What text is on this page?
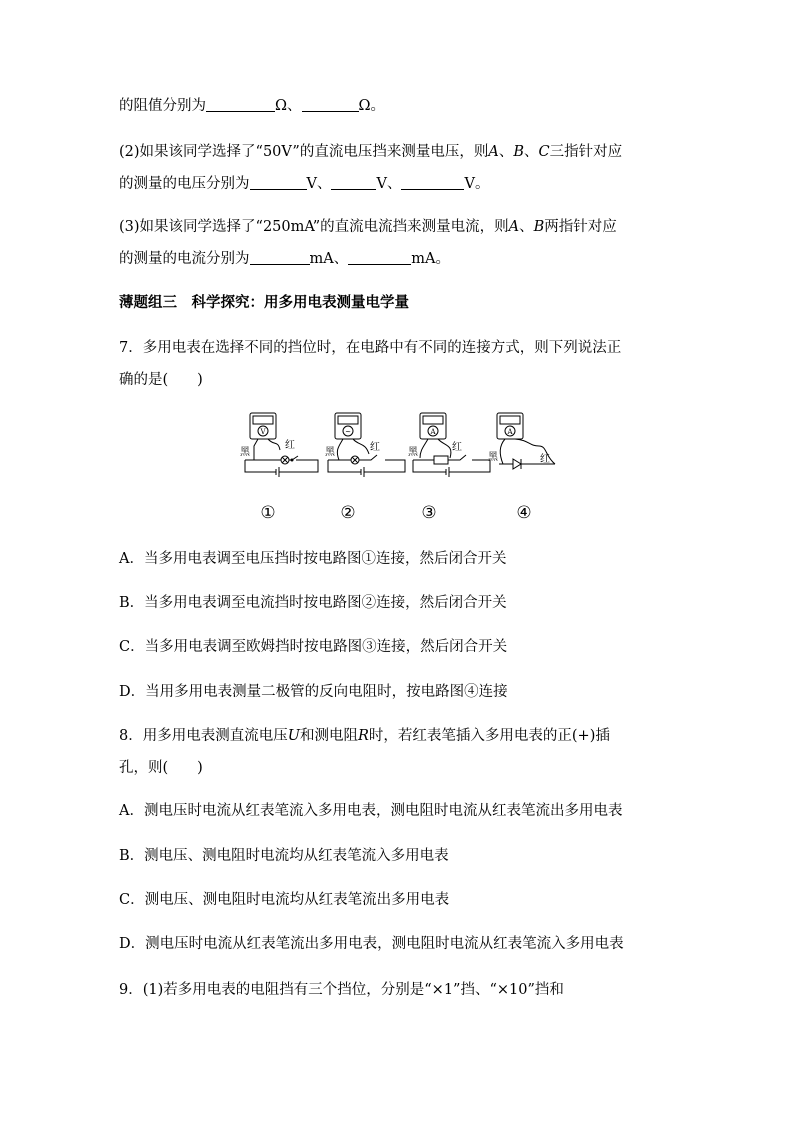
的阻值分别为	Ω、	Ω。
(2)如果该同学选择了“50V”的直流电压挡来测量电压，则A、B、C三指针对应
的测量的电压分别为	V、	V、	V。
(3)如果该同学选择了“250mA”的直流电流挡来测量电流，则A、B两指针对应
的测量的电流分别为	mA、	mA。
薄题组三　科学探究：用多用电表测量电学量
7．多用电表在选择不同的挡位时，在电路中有不同的连接方式，则下列说法正
确的是(　　)
V	~	A	A
黑
红
黑	红	黑	红
黑	红
①	②	③	④
A．当多用电表调至电压挡时按电路图①连接，然后闭合开关
B．当多用电表调至电流挡时按电路图②连接，然后闭合开关
C．当多用电表调至欧姆挡时按电路图③连接，然后闭合开关
D．当用多用电表测量二极管的反向电阻时，按电路图④连接
8．用多用电表测直流电压U和测电阻R时，若红表笔插入多用电表的正(+)插
孔，则(　　)
A．测电压时电流从红表笔流入多用电表，测电阻时电流从红表笔流出多用电表
B．测电压、测电阻时电流均从红表笔流入多用电表
C．测电压、测电阻时电流均从红表笔流出多用电表
D．测电压时电流从红表笔流出多用电表，测电阻时电流从红表笔流入多用电表
9．(1)若多用电表的电阻挡有三个挡位，分别是“×1”挡、“×10”挡和
